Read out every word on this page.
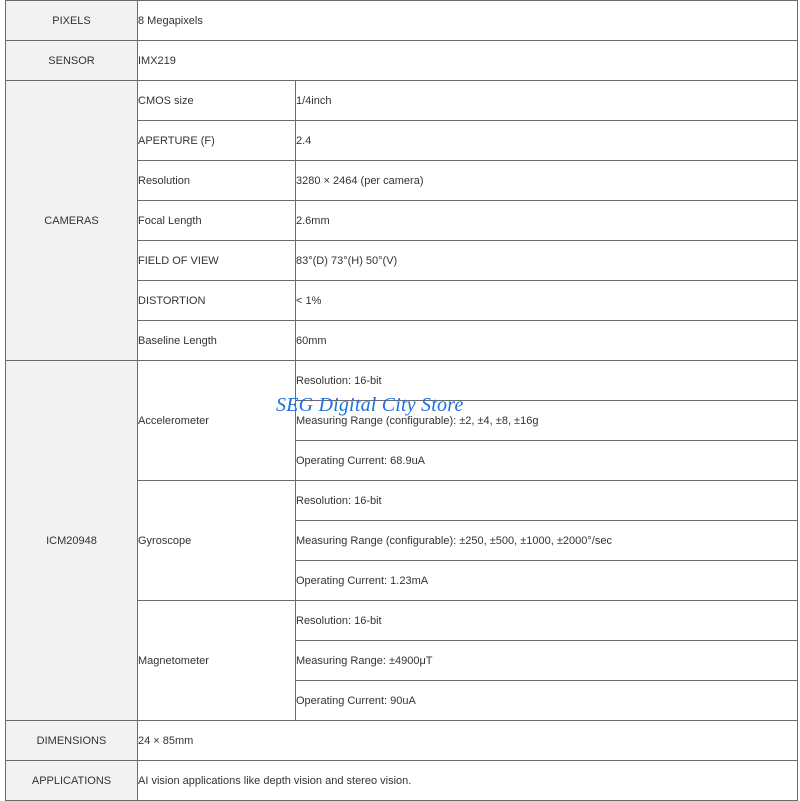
PIXELS	8 Megapixels	
SENSOR	IMX219	
CAMERAS	CMOS size	1/4inch
	APERTURE (F)	2.4
	Resolution	3280 × 2464 (per camera)
	Focal Length	2.6mm
	FIELD OF VIEW	83°(D) 73°(H) 50°(V)
	DISTORTION	< 1%
	Baseline Length	60mm
ICM20948	Accelerometer	Resolution: 16-bit
		Measuring Range (configurable): ±2, ±4, ±8, ±16g
		Operating Current: 68.9uA
	Gyroscope	Resolution: 16-bit
		Measuring Range (configurable): ±250, ±500, ±1000, ±2000°/sec
		Operating Current: 1.23mA
	Magnetometer	Resolution: 16-bit
		Measuring Range: ±4900μT
		Operating Current: 90uA
DIMENSIONS	24 × 85mm	
APPLICATIONS	AI vision applications like depth vision and stereo vision.	
SEG Digital City Store
